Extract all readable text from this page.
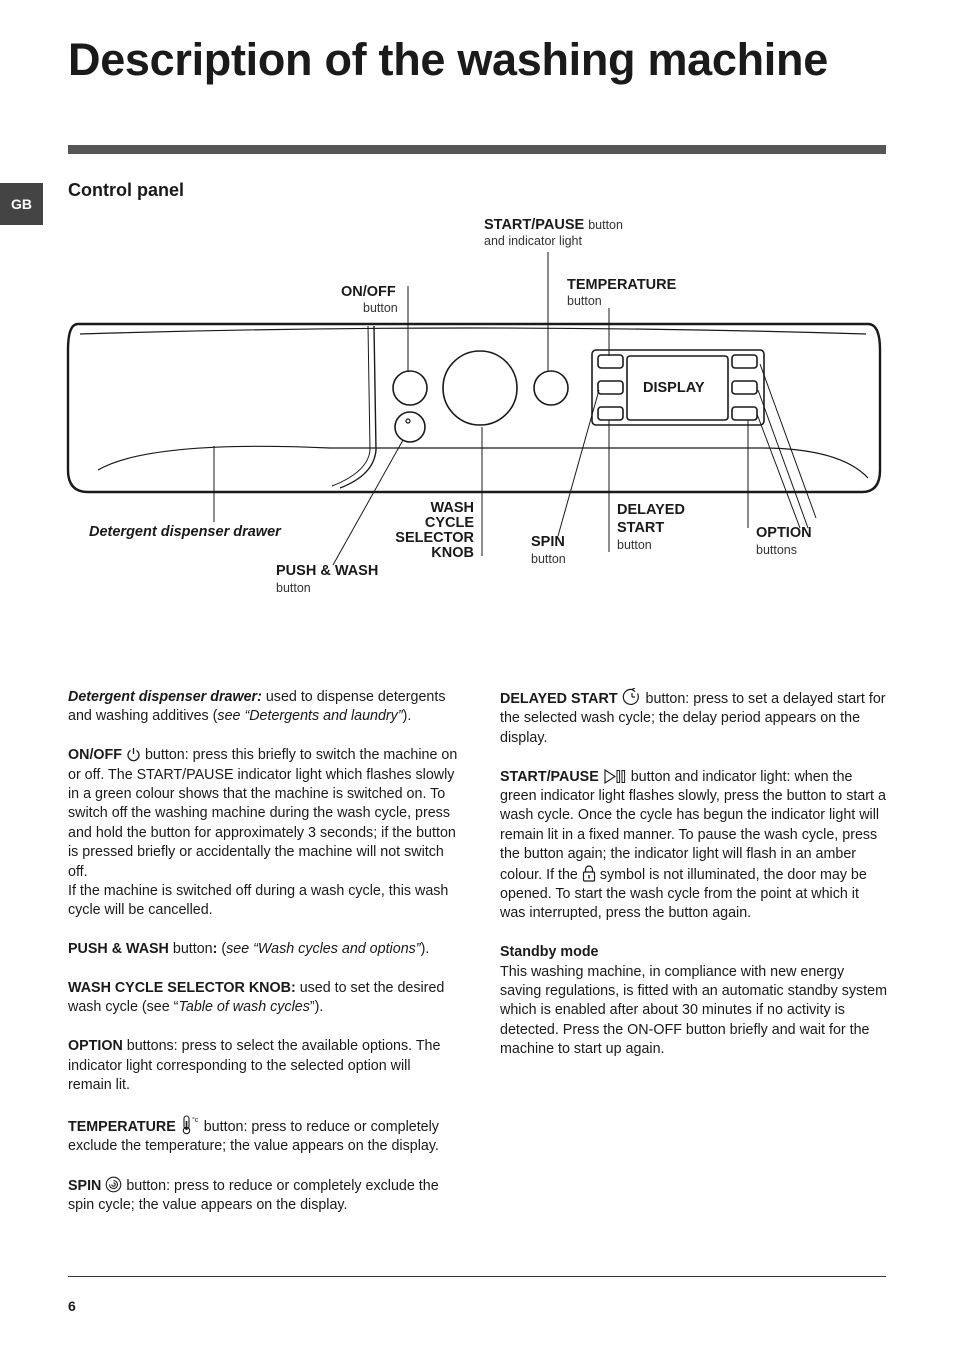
Description of the washing machine
GB
Control panel
START/PAUSE button
and indicator light
TEMPERATURE
button
ON/OFF
button
DISPLAY
Detergent dispenser drawer
PUSH & WASH
button
WASH
CYCLE
SELECTOR
KNOB
SPIN
button
DELAYED
START
button
OPTION
buttons

Detergent dispenser drawer: used to dispense detergents and washing additives (see “Detergents and laundry”).

ON/OFF  button: press this briefly to switch the machine on or off. The START/PAUSE indicator light which flashes slowly in a green colour shows that the machine is switched on. To switch off the washing machine during the wash cycle, press and hold the button for approximately 3 seconds; if the button is pressed briefly or accidentally the machine will not switch off.
If the machine is switched off during a wash cycle, this wash cycle will be cancelled.

PUSH & WASH button: (see “Wash cycles and options”).

WASH CYCLE SELECTOR KNOB: used to set the desired wash cycle (see “Table of wash cycles”).

OPTION buttons: press to select the available options. The indicator light corresponding to the selected option will remain lit.

TEMPERATURE °c button: press to reduce or completely exclude the temperature; the value appears on the display.

SPIN  button: press to reduce or completely exclude the spin cycle; the value appears on the display.

DELAYED START  button: press to set a delayed start for the selected wash cycle; the delay period appears on the display.

START/PAUSE  button and indicator light: when the green indicator light flashes slowly, press the button to start a wash cycle. Once the cycle has begun the indicator light will remain lit in a fixed manner. To pause the wash cycle, press the button again; the indicator light will flash in an amber colour. If the  symbol is not illuminated, the door may be opened. To start the wash cycle from the point at which it was interrupted, press the button again.

Standby mode
This washing machine, in compliance with new energy saving regulations, is fitted with an automatic standby system which is enabled after about 30 minutes if no activity is detected. Press the ON-OFF button briefly and wait for the machine to start up again.

6
